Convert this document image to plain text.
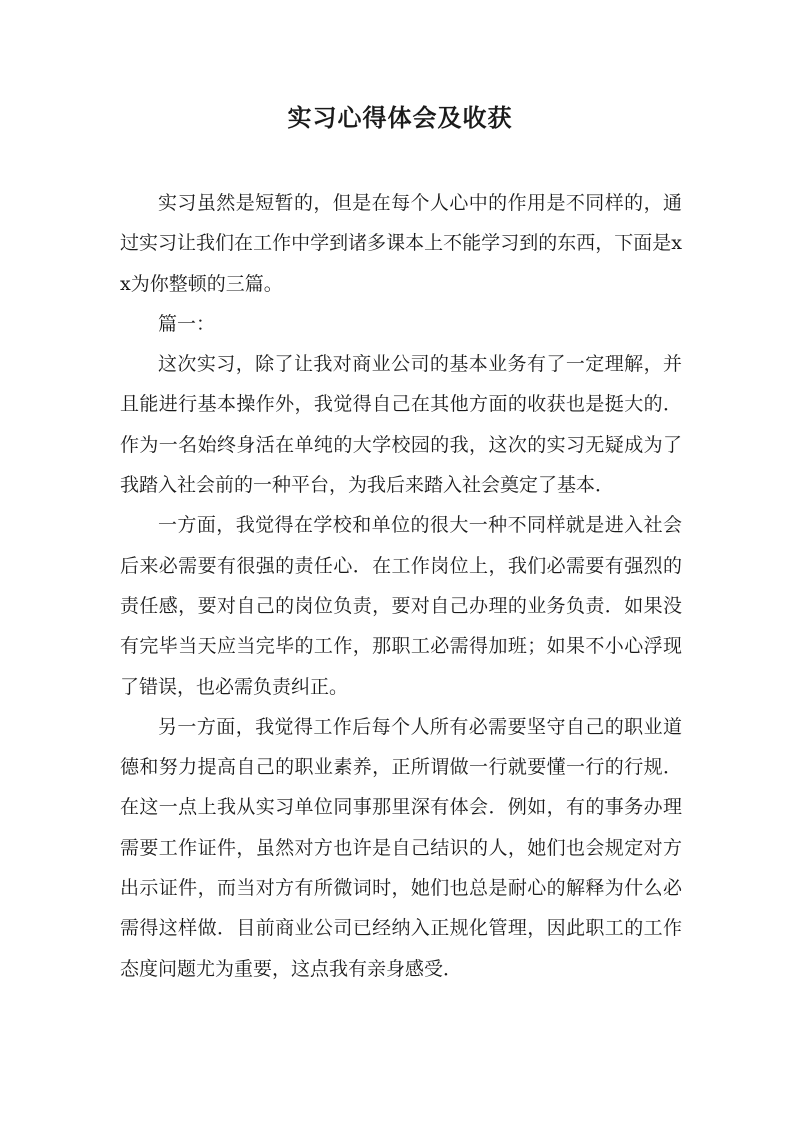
实习心得体会及收获

实习虽然是短暂的，但是在每个人心中的作用是不同样的，通过实习让我们在工作中学到诸多课本上不能学习到的东西，下面是xx为你整顿的三篇。

篇一：

这次实习，除了让我对商业公司的基本业务有了一定理解，并且能进行基本操作外，我觉得自己在其他方面的收获也是挺大的．作为一名始终身活在单纯的大学校园的我，这次的实习无疑成为了我踏入社会前的一种平台，为我后来踏入社会奠定了基本．

一方面，我觉得在学校和单位的很大一种不同样就是进入社会后来必需要有很强的责任心．在工作岗位上，我们必需要有强烈的责任感，要对自己的岗位负责，要对自己办理的业务负责．如果没有完毕当天应当完毕的工作，那职工必需得加班；如果不小心浮现了错误，也必需负责纠正。

另一方面，我觉得工作后每个人所有必需要坚守自己的职业道德和努力提高自己的职业素养，正所谓做一行就要懂一行的行规．在这一点上我从实习单位同事那里深有体会．例如，有的事务办理需要工作证件，虽然对方也许是自己结识的人，她们也会规定对方出示证件，而当对方有所微词时，她们也总是耐心的解释为什么必需得这样做．目前商业公司已经纳入正规化管理，因此职工的工作态度问题尤为重要，这点我有亲身感受．
